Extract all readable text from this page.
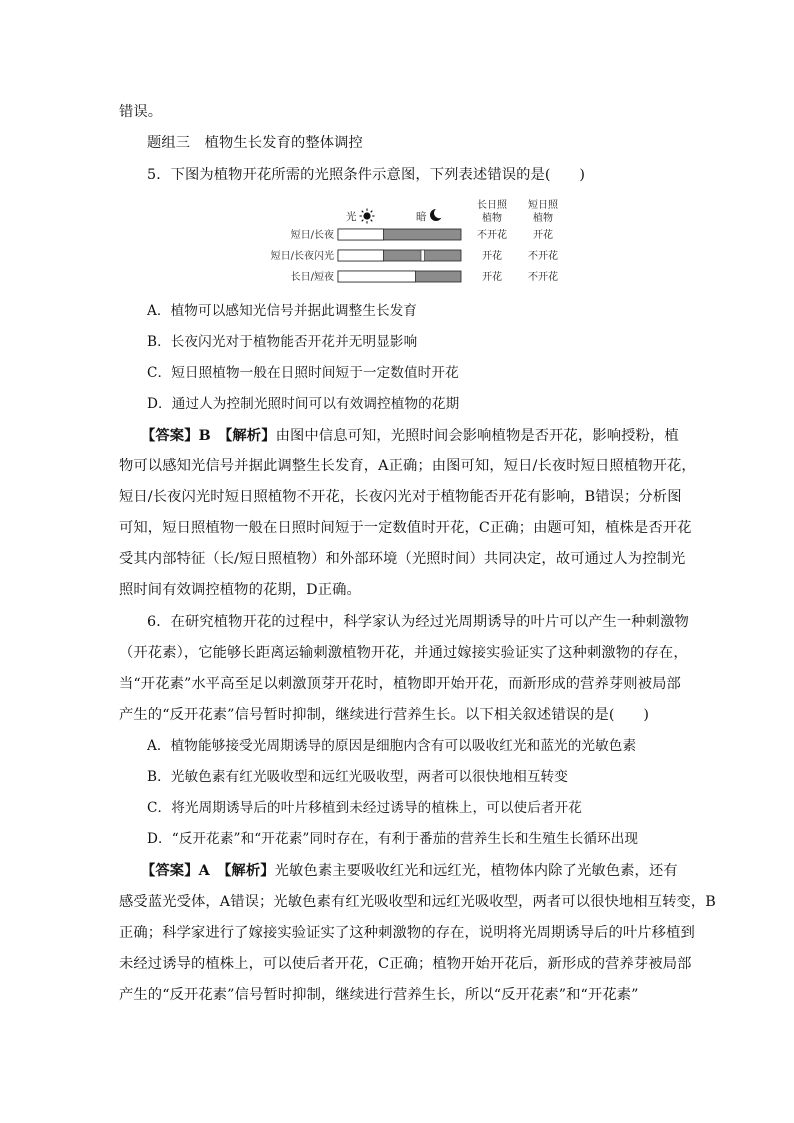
错误。
题组三　植物生长发育的整体调控
5．下图为植物开花所需的光照条件示意图，下列表述错误的是(　　)
光	暗
长日照
植物
短日照
植物
短日/长夜	不开花	开花
短日/长夜闪光	开花	不开花
长日/短夜	开花	不开花
A．植物可以感知光信号并据此调整生长发育
B．长夜闪光对于植物能否开花并无明显影响
C．短日照植物一般在日照时间短于一定数值时开花
D．通过人为控制光照时间可以有效调控植物的花期
【答案】B　【解析】由图中信息可知，光照时间会影响植物是否开花，影响授粉，植
物可以感知光信号并据此调整生长发育，A正确；由图可知，短日/长夜时短日照植物开花，
短日/长夜闪光时短日照植物不开花，长夜闪光对于植物能否开花有影响，B错误；分析图
可知，短日照植物一般在日照时间短于一定数值时开花，C正确；由题可知，植株是否开花
受其内部特征（长/短日照植物）和外部环境（光照时间）共同决定，故可通过人为控制光
照时间有效调控植物的花期，D正确。
6．在研究植物开花的过程中，科学家认为经过光周期诱导的叶片可以产生一种刺激物
（开花素），它能够长距离运输刺激植物开花，并通过嫁接实验证实了这种刺激物的存在，
当“开花素”水平高至足以刺激顶芽开花时，植物即开始开花，而新形成的营养芽则被局部
产生的“反开花素”信号暂时抑制，继续进行营养生长。以下相关叙述错误的是(　　)
A．植物能够接受光周期诱导的原因是细胞内含有可以吸收红光和蓝光的光敏色素
B．光敏色素有红光吸收型和远红光吸收型，两者可以很快地相互转变
C．将光周期诱导后的叶片移植到未经过诱导的植株上，可以使后者开花
D．“反开花素”和“开花素”同时存在，有利于番茄的营养生长和生殖生长循环出现
【答案】A　【解析】光敏色素主要吸收红光和远红光，植物体内除了光敏色素，还有
感受蓝光受体，A错误；光敏色素有红光吸收型和远红光吸收型，两者可以很快地相互转变，B
正确；科学家进行了嫁接实验证实了这种刺激物的存在，说明将光周期诱导后的叶片移植到
未经过诱导的植株上，可以使后者开花，C正确；植物开始开花后，新形成的营养芽被局部
产生的“反开花素”信号暂时抑制，继续进行营养生长，所以“反开花素”和“开花素”
